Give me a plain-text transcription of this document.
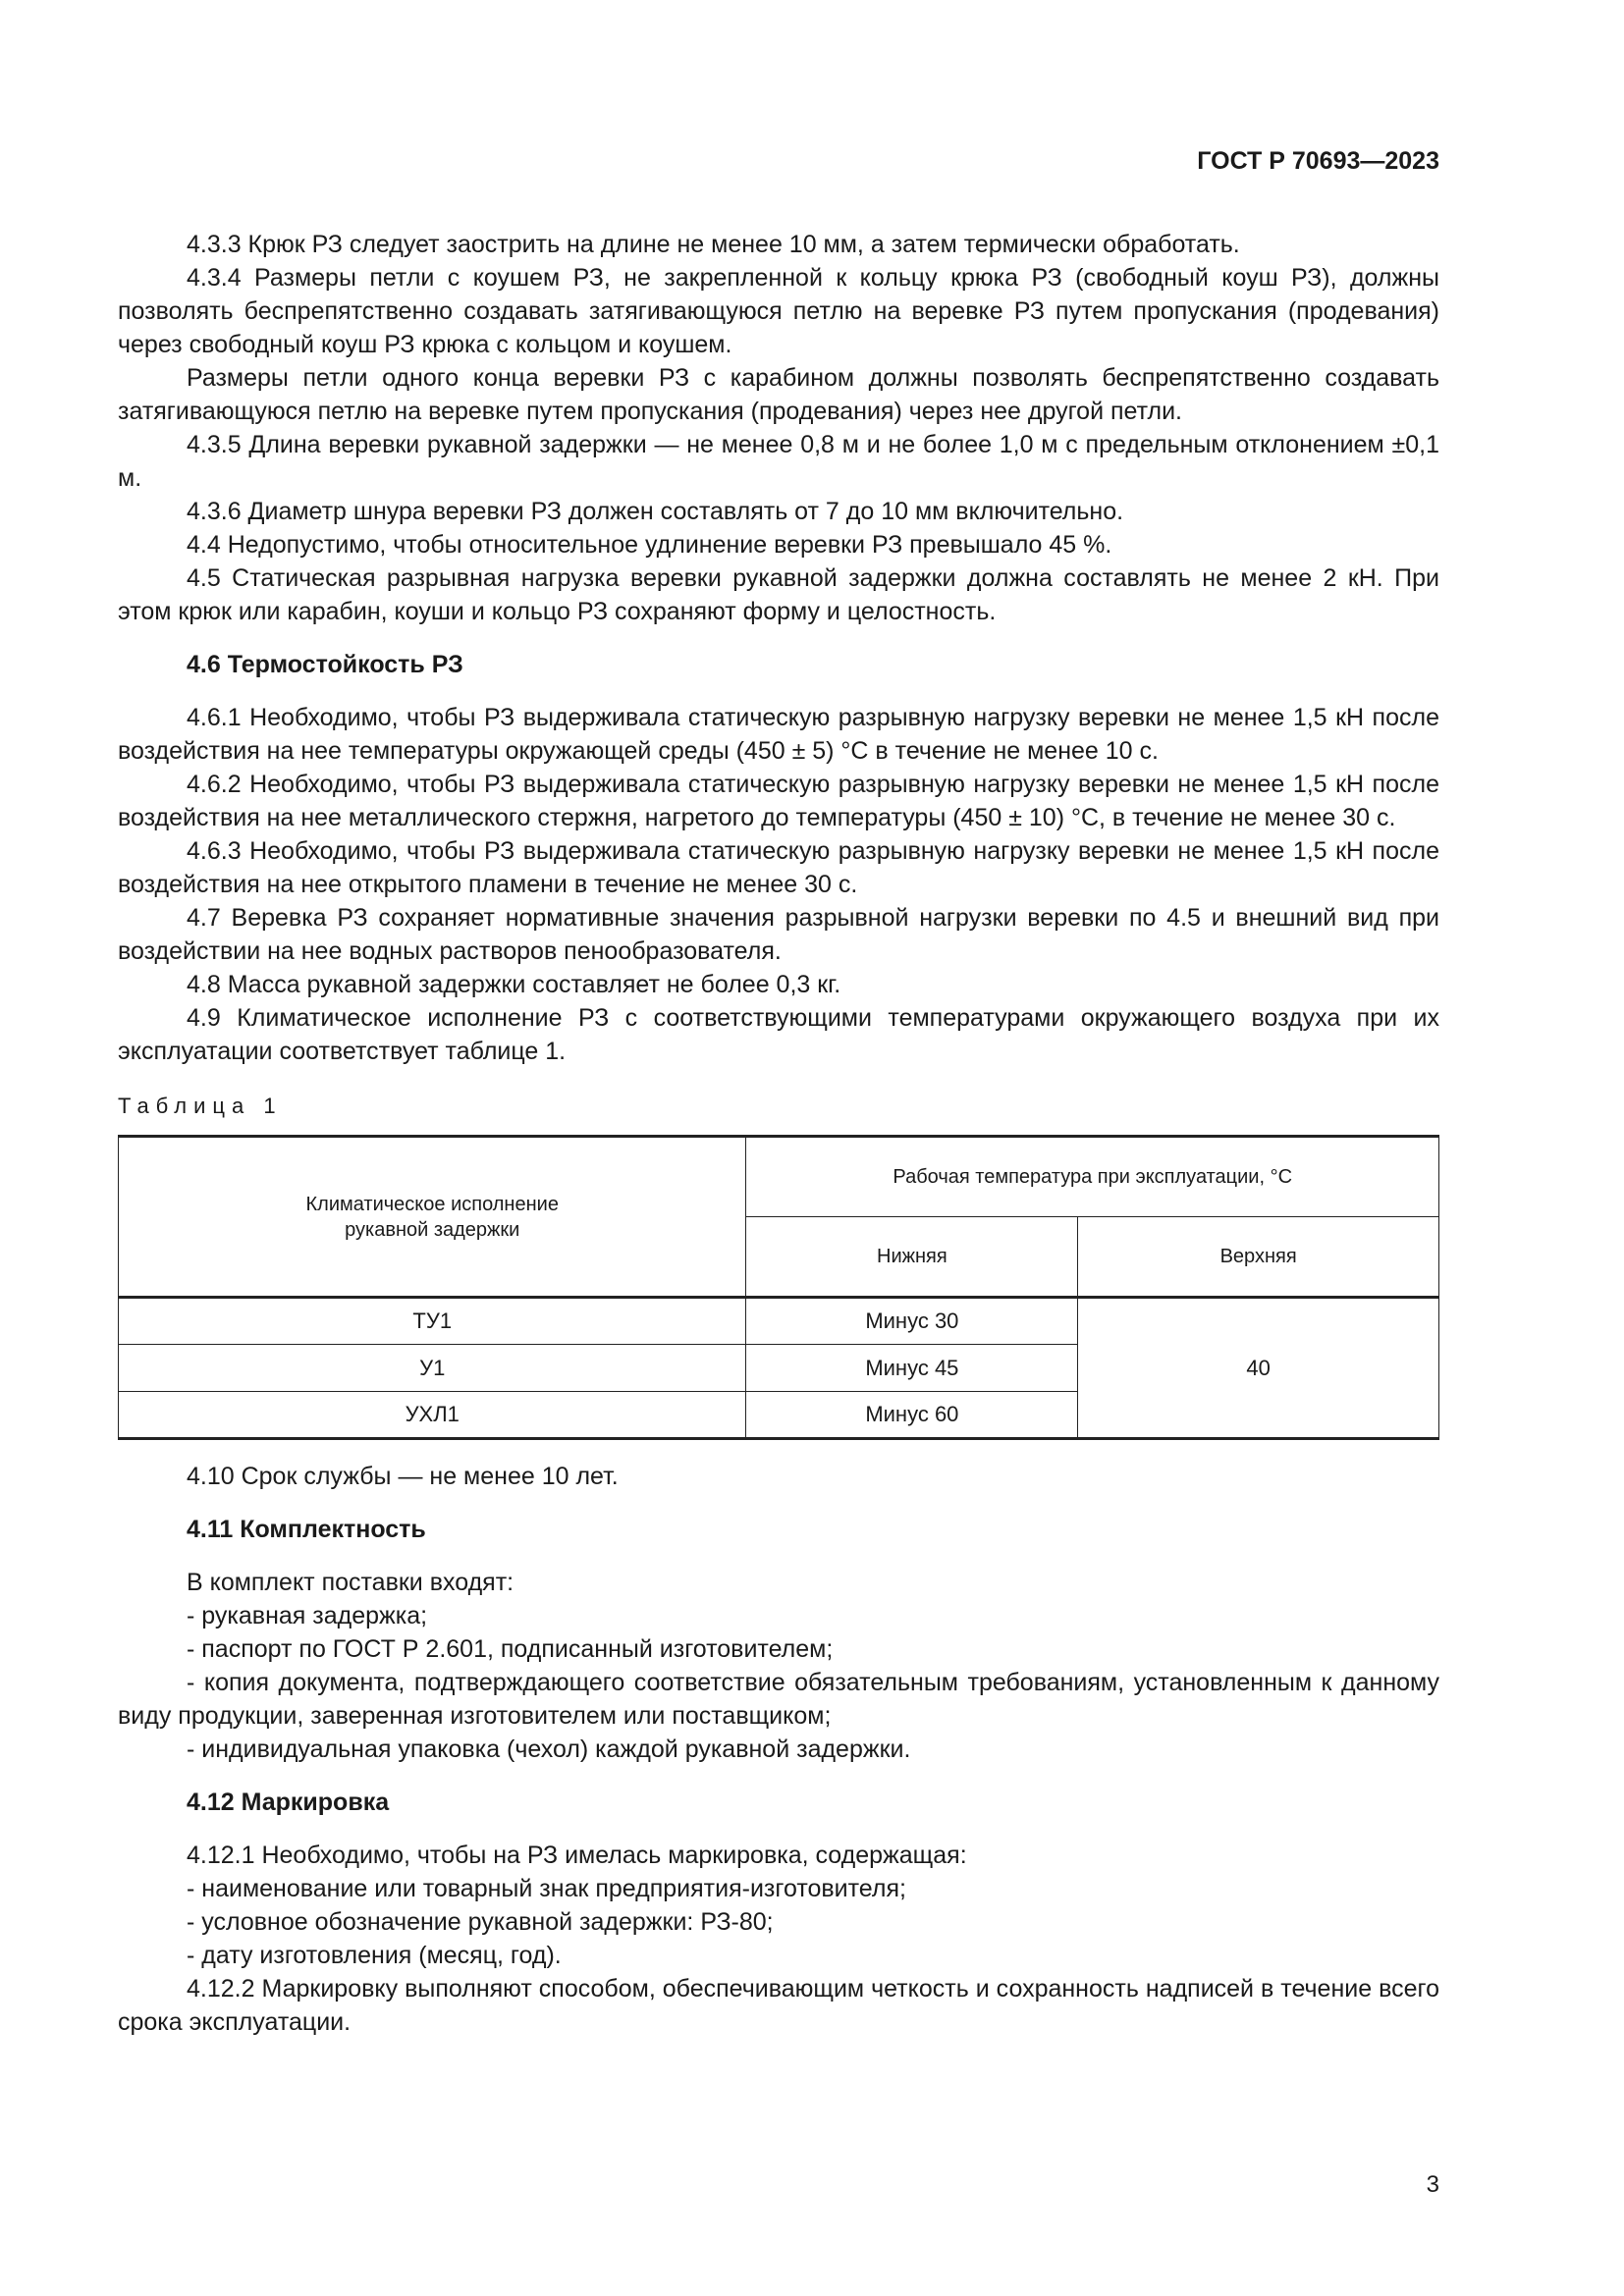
ГОСТ Р 70693—2023

4.3.3 Крюк РЗ следует заострить на длине не менее 10 мм, а затем термически обработать.

4.3.4 Размеры петли с коушем РЗ, не закрепленной к кольцу крюка РЗ (свободный коуш РЗ), должны позволять беспрепятственно создавать затягивающуюся петлю на веревке РЗ путем пропускания (продевания) через свободный коуш РЗ крюка с кольцом и коушем.

Размеры петли одного конца веревки РЗ с карабином должны позволять беспрепятственно создавать затягивающуюся петлю на веревке путем пропускания (продевания) через нее другой петли.

4.3.5 Длина веревки рукавной задержки — не менее 0,8 м и не более 1,0 м с предельным отклонением ±0,1 м.

4.3.6 Диаметр шнура веревки РЗ должен составлять от 7 до 10 мм включительно.

4.4 Недопустимо, чтобы относительное удлинение веревки РЗ превышало 45 %.

4.5 Статическая разрывная нагрузка веревки рукавной задержки должна составлять не менее 2 кН. При этом крюк или карабин, коуши и кольцо РЗ сохраняют форму и целостность.

4.6 Термостойкость РЗ

4.6.1 Необходимо, чтобы РЗ выдерживала статическую разрывную нагрузку веревки не менее 1,5 кН после воздействия на нее температуры окружающей среды (450 ± 5) °С в течение не менее 10 с.

4.6.2 Необходимо, чтобы РЗ выдерживала статическую разрывную нагрузку веревки не менее 1,5 кН после воздействия на нее металлического стержня, нагретого до температуры (450 ± 10) °С, в течение не менее 30 с.

4.6.3 Необходимо, чтобы РЗ выдерживала статическую разрывную нагрузку веревки не менее 1,5 кН после воздействия на нее открытого пламени в течение не менее 30 с.

4.7 Веревка РЗ сохраняет нормативные значения разрывной нагрузки веревки по 4.5 и внешний вид при воздействии на нее водных растворов пенообразователя.

4.8 Масса рукавной задержки составляет не более 0,3 кг.

4.9 Климатическое исполнение РЗ с соответствующими температурами окружающего воздуха при их эксплуатации соответствует таблице 1.

Таблица 1
Климатическое исполнение рукавной задержки	Рабочая температура при эксплуатации, °С	
	Нижняя	Верхняя
ТУ1	Минус 30	40
У1	Минус 45	
УХЛ1	Минус 60	

4.10 Срок службы — не менее 10 лет.

4.11 Комплектность

В комплект поставки входят:

- рукавная задержка;

- паспорт по ГОСТ Р 2.601, подписанный изготовителем;

- копия документа, подтверждающего соответствие обязательным требованиям, установленным к данному виду продукции, заверенная изготовителем или поставщиком;

- индивидуальная упаковка (чехол) каждой рукавной задержки.

4.12 Маркировка

4.12.1 Необходимо, чтобы на РЗ имелась маркировка, содержащая:

- наименование или товарный знак предприятия-изготовителя;

- условное обозначение рукавной задержки: РЗ-80;

- дату изготовления (месяц, год).

4.12.2 Маркировку выполняют способом, обеспечивающим четкость и сохранность надписей в течение всего срока эксплуатации.

3
